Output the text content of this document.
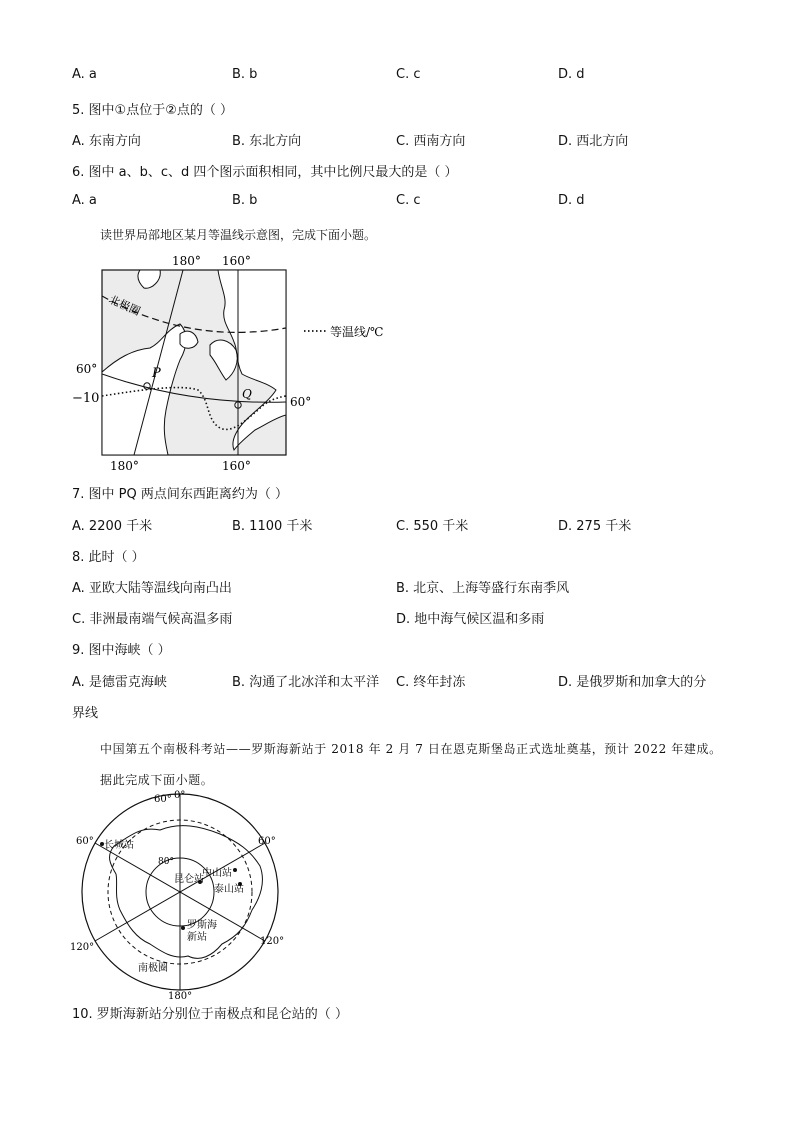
A. a	B. b	C. c	D. d
5. 图中①点位于②点的（ ）
A. 东南方向	B. 东北方向	C. 西南方向	D. 西北方向
6. 图中 a、b、c、d 四个图示面积相同，其中比例尺最大的是（ ）
A. a	B. b	C. c	D. d
读世界局部地区某月等温线示意图，完成下面小题。
P
Q
180° 160°
180°	160°
北极圈
60°
60°
−10
等温线/℃
7. 图中 PQ 两点间东西距离约为（ ）
A. 2200 千米	B. 1100 千米	C. 550 千米	D. 275 千米
8. 此时（ ）
A. 亚欧大陆等温线向南凸出	B. 北京、上海等盛行东南季风
C. 非洲最南端气候高温多雨	D. 地中海气候区温和多雨
9. 图中海峡（ ）
A. 是德雷克海峡	B. 沟通了北冰洋和太平洋 C. 终年封冻	D. 是俄罗斯和加拿大的分
界线
中国第五个南极科考站——罗斯海新站于 2018 年 2 月 7 日在恩克斯堡岛正式选址奠基，预计 2022 年建成。据此完成下面小题。
0°
60°
60°	60°
80°
120°
120°
180°
长城站
中山站
昆仑站
泰山站
罗斯海
新站
南极圈
10. 罗斯海新站分别位于南极点和昆仑站的（ ）
